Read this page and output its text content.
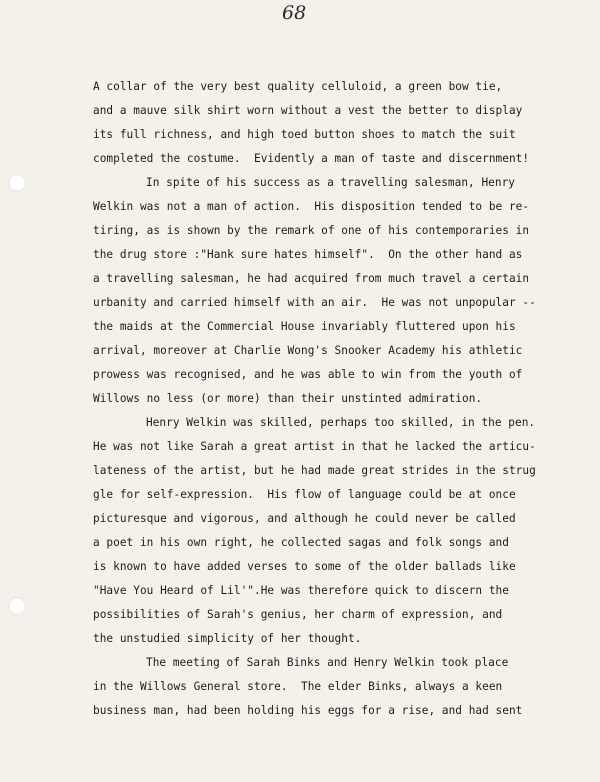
68
A collar of the very best quality celluloid, a green bow tie,
and a mauve silk shirt worn without a vest the better to display
its full richness, and high toed button shoes to match the suit
completed the costume.  Evidently a man of taste and discernment!
In spite of his success as a travelling salesman, Henry
Welkin was not a man of action.  His disposition tended to be re-
tiring, as is shown by the remark of one of his contemporaries in
the drug store :"Hank sure hates himself".  On the other hand as
a travelling salesman, he had acquired from much travel a certain
urbanity and carried himself with an air.  He was not unpopular --
the maids at the Commercial House invariably fluttered upon his
arrival, moreover at Charlie Wong's Snooker Academy his athletic
prowess was recognised, and he was able to win from the youth of
Willows no less (or more) than their unstinted admiration.
Henry Welkin was skilled, perhaps too skilled, in the pen.
He was not like Sarah a great artist in that he lacked the articu-
lateness of the artist, but he had made great strides in the strug
gle for self-expression.  His flow of language could be at once
picturesque and vigorous, and although he could never be called
a poet in his own right, he collected sagas and folk songs and
is known to have added verses to some of the older ballads like
"Have You Heard of Lil'".He was therefore quick to discern the
possibilities of Sarah's genius, her charm of expression, and
the unstudied simplicity of her thought.
The meeting of Sarah Binks and Henry Welkin took place
in the Willows General store.  The elder Binks, always a keen
business man, had been holding his eggs for a rise, and had sent
